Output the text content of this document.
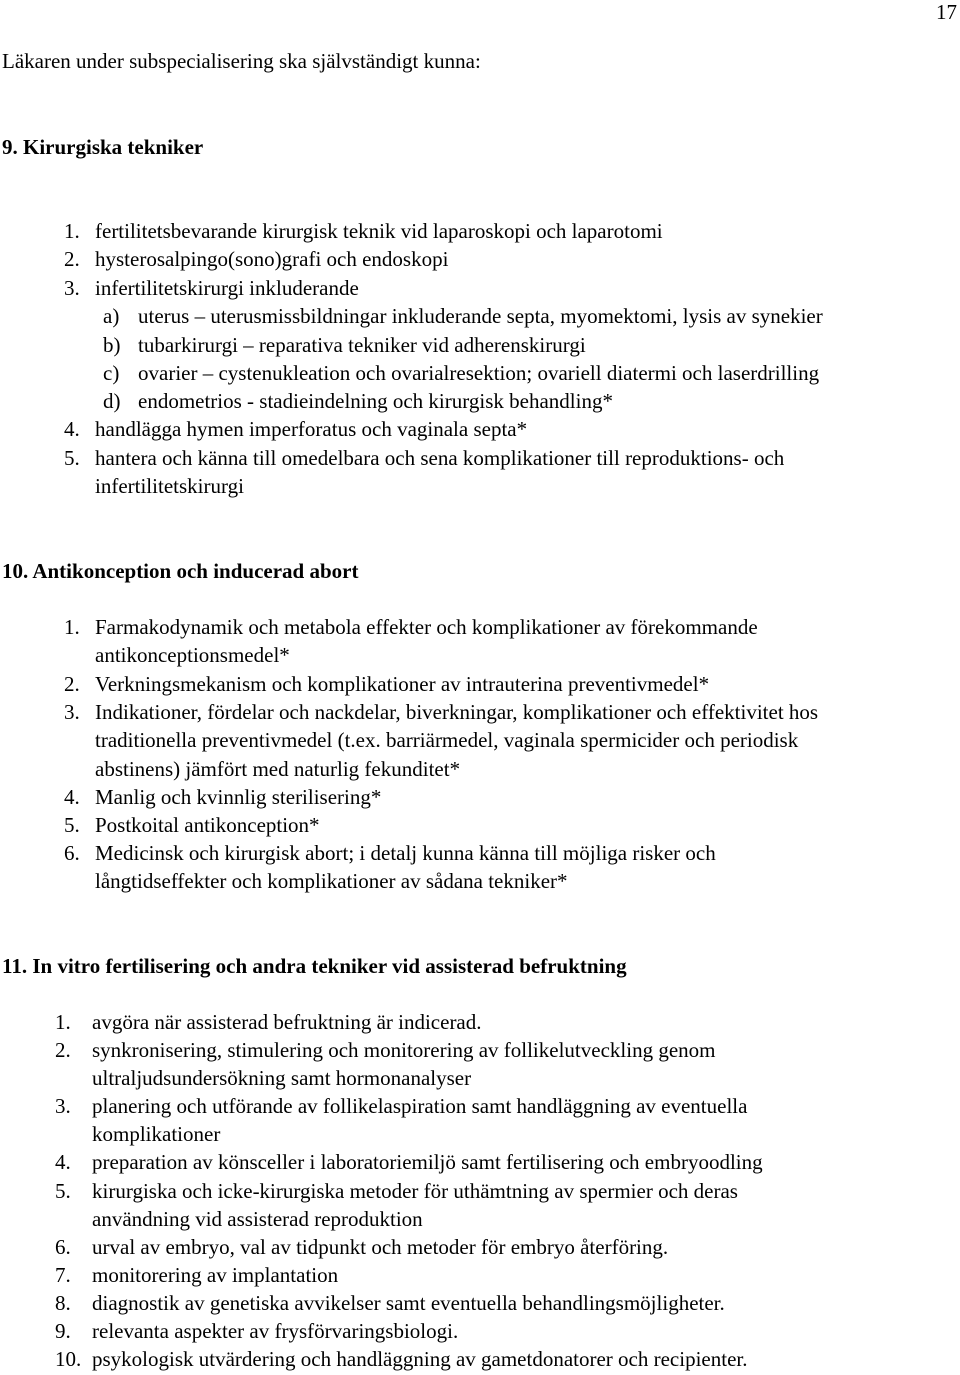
17
Läkaren under subspecialisering ska självständigt kunna:
9. Kirurgiska tekniker
1. fertilitetsbevarande kirurgisk teknik vid laparoskopi och laparotomi
2. hysterosalpingo(sono)grafi och endoskopi
3. infertilitetskirurgi inkluderande
a) uterus – uterusmissbildningar inkluderande septa, myomektomi, lysis av synekier
b) tubarkirurgi – reparativa tekniker vid adherenskirurgi
c) ovarier – cystenukleation och ovarialresektion; ovariell diatermi och laserdrilling
d) endometrios - stadieindelning och kirurgisk behandling*
4. handlägga hymen imperforatus och vaginala septa*
5. hantera och känna till omedelbara och sena komplikationer till reproduktions- och
infertilitetskirurgi
10. Antikonception och inducerad abort
1. Farmakodynamik och metabola effekter och komplikationer av förekommande
antikonceptionsmedel*
2. Verkningsmekanism och komplikationer av intrauterina preventivmedel*
3. Indikationer, fördelar och nackdelar, biverkningar, komplikationer och effektivitet hos
traditionella preventivmedel (t.ex. barriärmedel, vaginala spermicider och periodisk
abstinens) jämfört med naturlig fekunditet*
4. Manlig och kvinnlig sterilisering*
5. Postkoital antikonception*
6. Medicinsk och kirurgisk abort; i detalj kunna känna till möjliga risker och
långtidseffekter och komplikationer av sådana tekniker*
11. In vitro fertilisering och andra tekniker vid assisterad befruktning
1. avgöra när assisterad befruktning är indicerad.
2. synkronisering, stimulering och monitorering av follikelutveckling genom
ultraljudsundersökning samt hormonanalyser
3. planering och utförande av follikelaspiration samt handläggning av eventuella
komplikationer
4. preparation av könsceller i laboratoriemiljö samt fertilisering och embryoodling
5. kirurgiska och icke-kirurgiska metoder för uthämtning av spermier och deras
användning vid assisterad reproduktion
6. urval av embryo, val av tidpunkt och metoder för embryo återföring.
7. monitorering av implantation
8. diagnostik av genetiska avvikelser samt eventuella behandlingsmöjligheter.
9. relevanta aspekter av frysförvaringsbiologi.
10. psykologisk utvärdering och handläggning av gametdonatorer och recipienter.
